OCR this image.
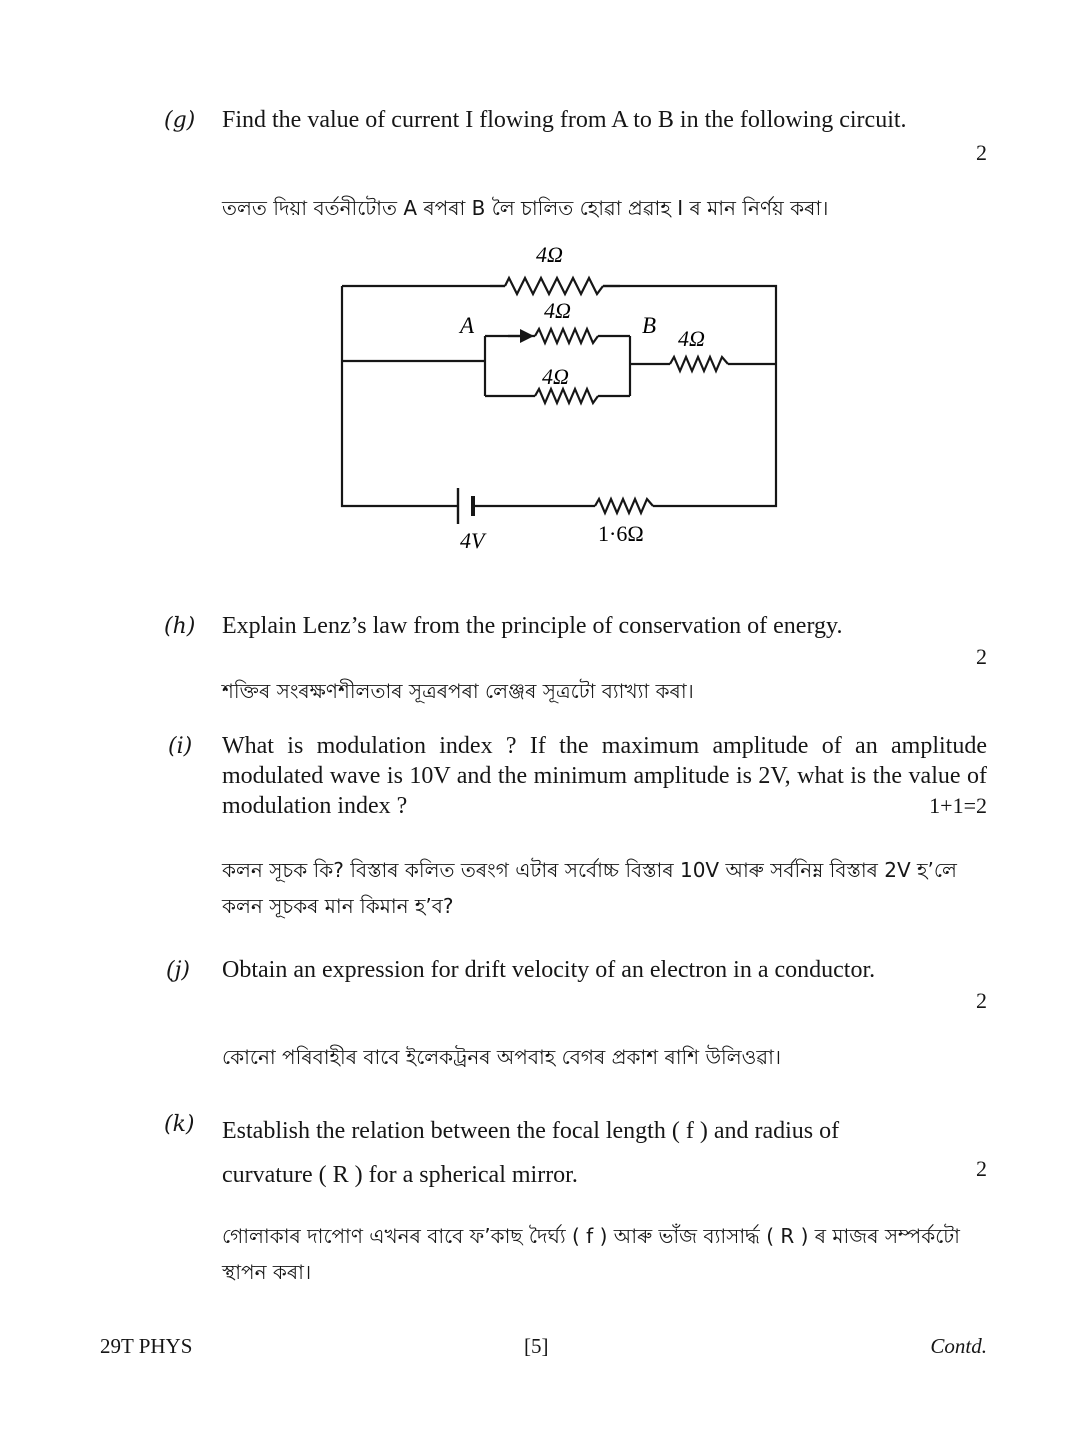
(g) Find the value of current I flowing from A to B in the following circuit.
2
তলত দিয়া বৰ্তনীটোত A ৰপৰা B লৈ চালিত হোৱা প্ৰৱাহ I ৰ মান নিৰ্ণয় কৰা।
4Ω
4Ω
4Ω
4Ω
A	B
4V	1·6Ω
(h) Explain Lenz’s law from the principle of conservation of energy.
2
শক্তিৰ সংৰক্ষণশীলতাৰ সূত্ৰৰপৰা লেঞ্জৰ সূত্ৰটো ব্যাখ্যা কৰা।
(i) What is modulation index ? If the maximum amplitude of an amplitude modulated wave is 10V and the minimum amplitude is 2V, what is the value of modulation index ?	1+1=2
কলন সূচক কি? বিস্তাৰ কলিত তৰংগ এটাৰ সৰ্বোচ্চ বিস্তাৰ 10V আৰু সৰ্বনিম্ন বিস্তাৰ 2V হ’লে কলন সূচকৰ মান কিমান হ’ব?
(j) Obtain an expression for drift velocity of an electron in a conductor.
2
কোনো পৰিবাহীৰ বাবে ইলেকট্ৰনৰ অপবাহ বেগৰ প্ৰকাশ ৰাশি উলিওৱা।
(k) Establish the relation between the focal length ( f ) and radius of curvature ( R ) for a spherical mirror.	2
গোলাকাৰ দাপোণ এখনৰ বাবে ফ’কাছ দৈৰ্ঘ্য ( f ) আৰু ভাঁজ ব্যাসাৰ্দ্ধ ( R ) ৰ মাজৰ সম্পৰ্কটো স্থাপন কৰা।
29T PHYS	[5]	Contd.
